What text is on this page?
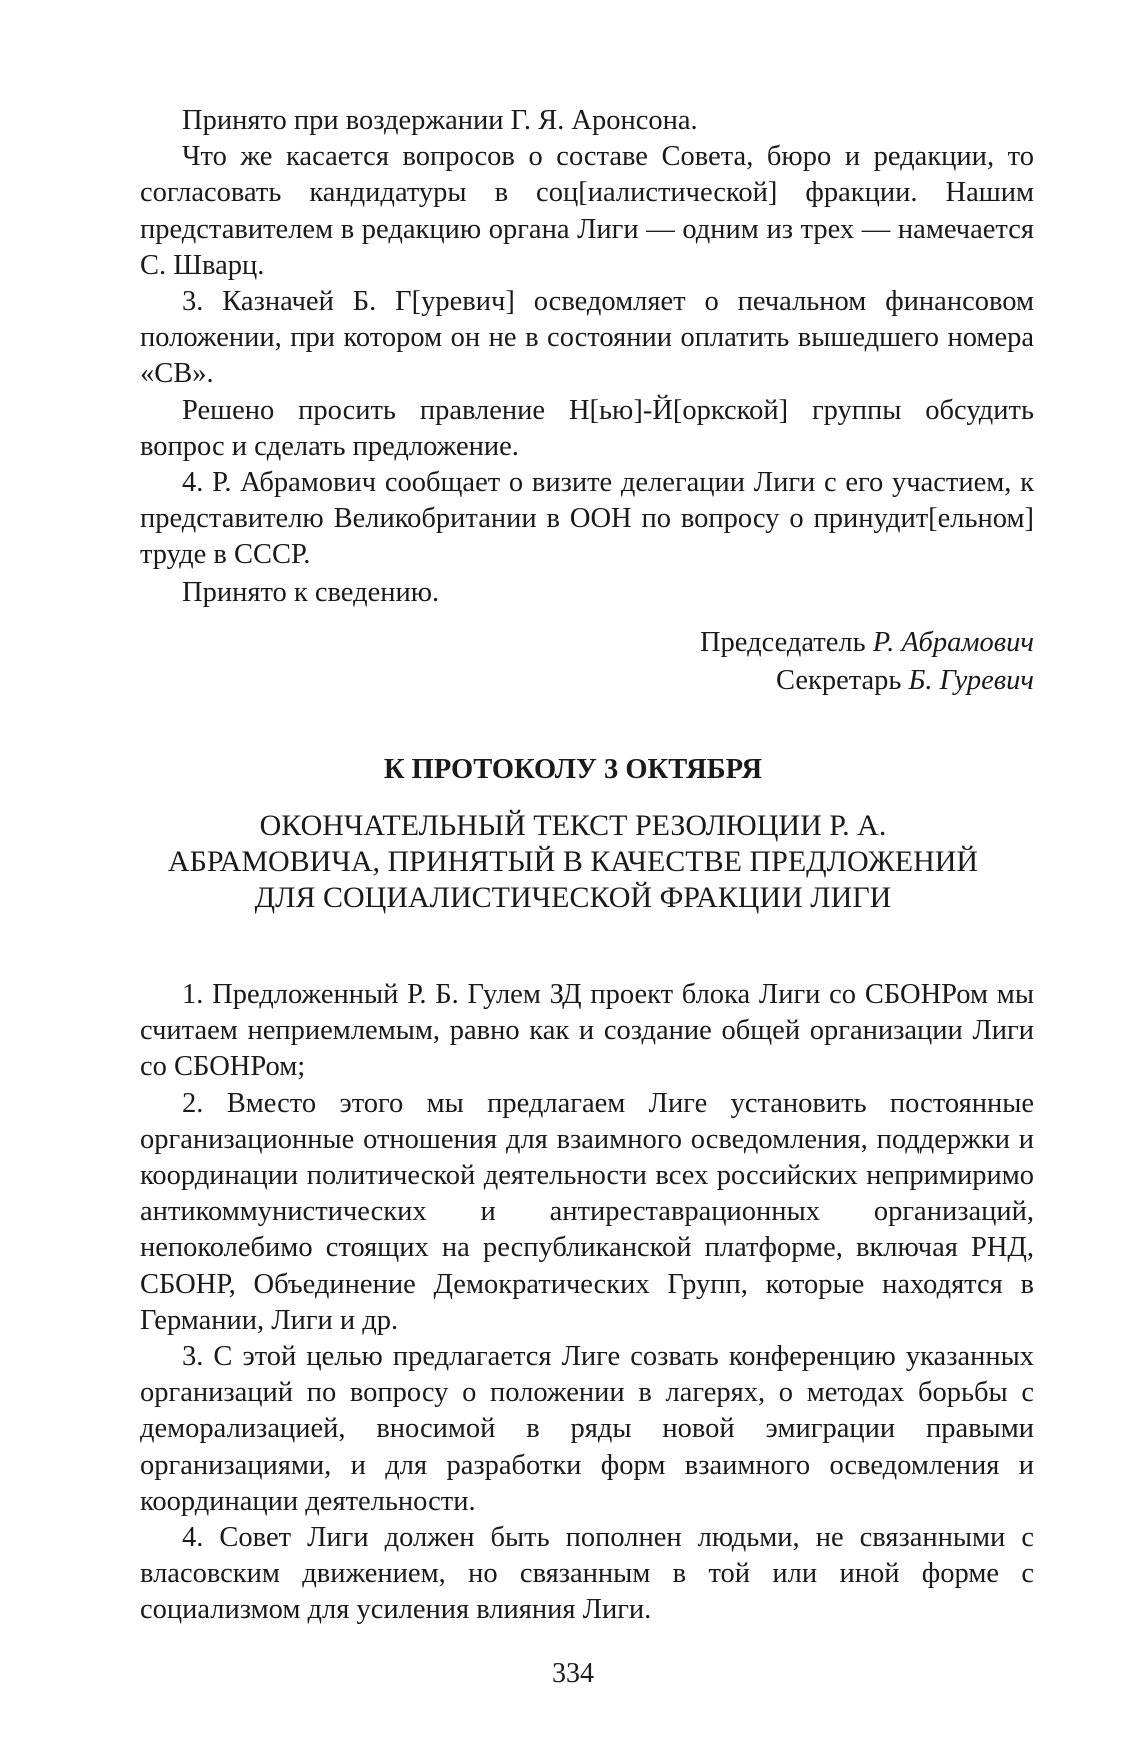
Принято при воздержании Г. Я. Аронсона.

Что же касается вопросов о составе Совета, бюро и редакции, то согласовать кандидатуры в соц[иалистической] фракции. Нашим представителем в редакцию органа Лиги — одним из трех — намечается С. Шварц.

3. Казначей Б. Г[уревич] осведомляет о печальном финансовом положении, при котором он не в состоянии оплатить вышедшего номера «СВ».

Решено просить правление Н[ью]-Й[оркской] группы обсудить вопрос и сделать предложение.

4. Р. Абрамович сообщает о визите делегации Лиги с его участием, к представителю Великобритании в ООН по вопросу о принудит[ельном] труде в СССР.

Принято к сведению.

Председатель Р. Абрамович
Секретарь Б. Гуревич
К ПРОТОКОЛУ 3 ОКТЯБРЯ
ОКОНЧАТЕЛЬНЫЙ ТЕКСТ РЕЗОЛЮЦИИ Р. А. АБРАМОВИЧА, ПРИНЯТЫЙ В КАЧЕСТВЕ ПРЕДЛОЖЕНИЙ ДЛЯ СОЦИАЛИСТИЧЕСКОЙ ФРАКЦИИ ЛИГИ

1. Предложенный Р. Б. Гулем ЗД проект блока Лиги со СБОНРом мы считаем неприемлемым, равно как и создание общей организации Лиги со СБОНРом;

2. Вместо этого мы предлагаем Лиге установить постоянные организационные отношения для взаимного осведомления, поддержки и координации политической деятельности всех российских непримиримо антикоммунистических и антиреставрационных организаций, непоколебимо стоящих на республиканской платформе, включая РНД, СБОНР, Объединение Демократических Групп, которые находятся в Германии, Лиги и др.

3. С этой целью предлагается Лиге созвать конференцию указанных организаций по вопросу о положении в лагерях, о методах борьбы с деморализацией, вносимой в ряды новой эмиграции правыми организациями, и для разработки форм взаимного осведомления и координации деятельности.

4. Совет Лиги должен быть пополнен людьми, не связанными с власовским движением, но связанным в той или иной форме с социализмом для усиления влияния Лиги.

334
